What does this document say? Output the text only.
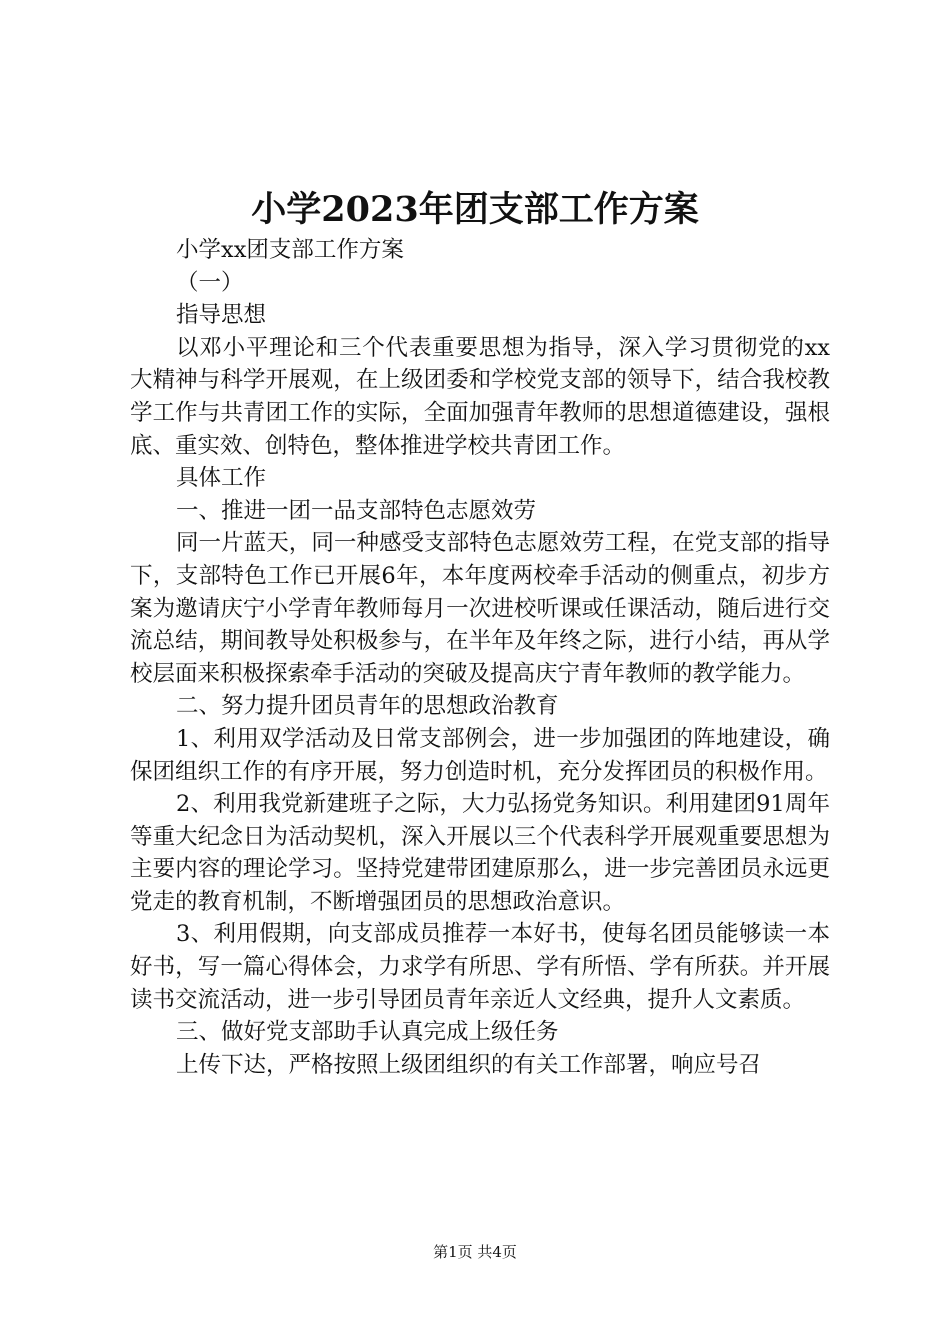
小学2023年团支部工作方案

小学xx团支部工作方案

（一）

指导思想

以邓小平理论和三个代表重要思想为指导，深入学习贯彻党的xx大精神与科学开展观，在上级团委和学校党支部的领导下，结合我校教学工作与共青团工作的实际，全面加强青年教师的思想道德建设，强根底、重实效、创特色，整体推进学校共青团工作。

具体工作

一、推进一团一品支部特色志愿效劳

同一片蓝天，同一种感受支部特色志愿效劳工程，在党支部的指导下，支部特色工作已开展6年，本年度两校牵手活动的侧重点，初步方案为邀请庆宁小学青年教师每月一次进校听课或任课活动，随后进行交流总结，期间教导处积极参与，在半年及年终之际，进行小结，再从学校层面来积极探索牵手活动的突破及提高庆宁青年教师的教学能力。

二、努力提升团员青年的思想政治教育

1、利用双学活动及日常支部例会，进一步加强团的阵地建设，确保团组织工作的有序开展，努力创造时机，充分发挥团员的积极作用。

2、利用我党新建班子之际，大力弘扬党务知识。利用建团91周年等重大纪念日为活动契机，深入开展以三个代表科学开展观重要思想为主要内容的理论学习。坚持党建带团建原那么，进一步完善团员永远更党走的教育机制，不断增强团员的思想政治意识。

3、利用假期，向支部成员推荐一本好书，使每名团员能够读一本好书，写一篇心得体会，力求学有所思、学有所悟、学有所获。并开展读书交流活动，进一步引导团员青年亲近人文经典，提升人文素质。

三、做好党支部助手认真完成上级任务

上传下达，严格按照上级团组织的有关工作部署，响应号召

第1页 共4页
